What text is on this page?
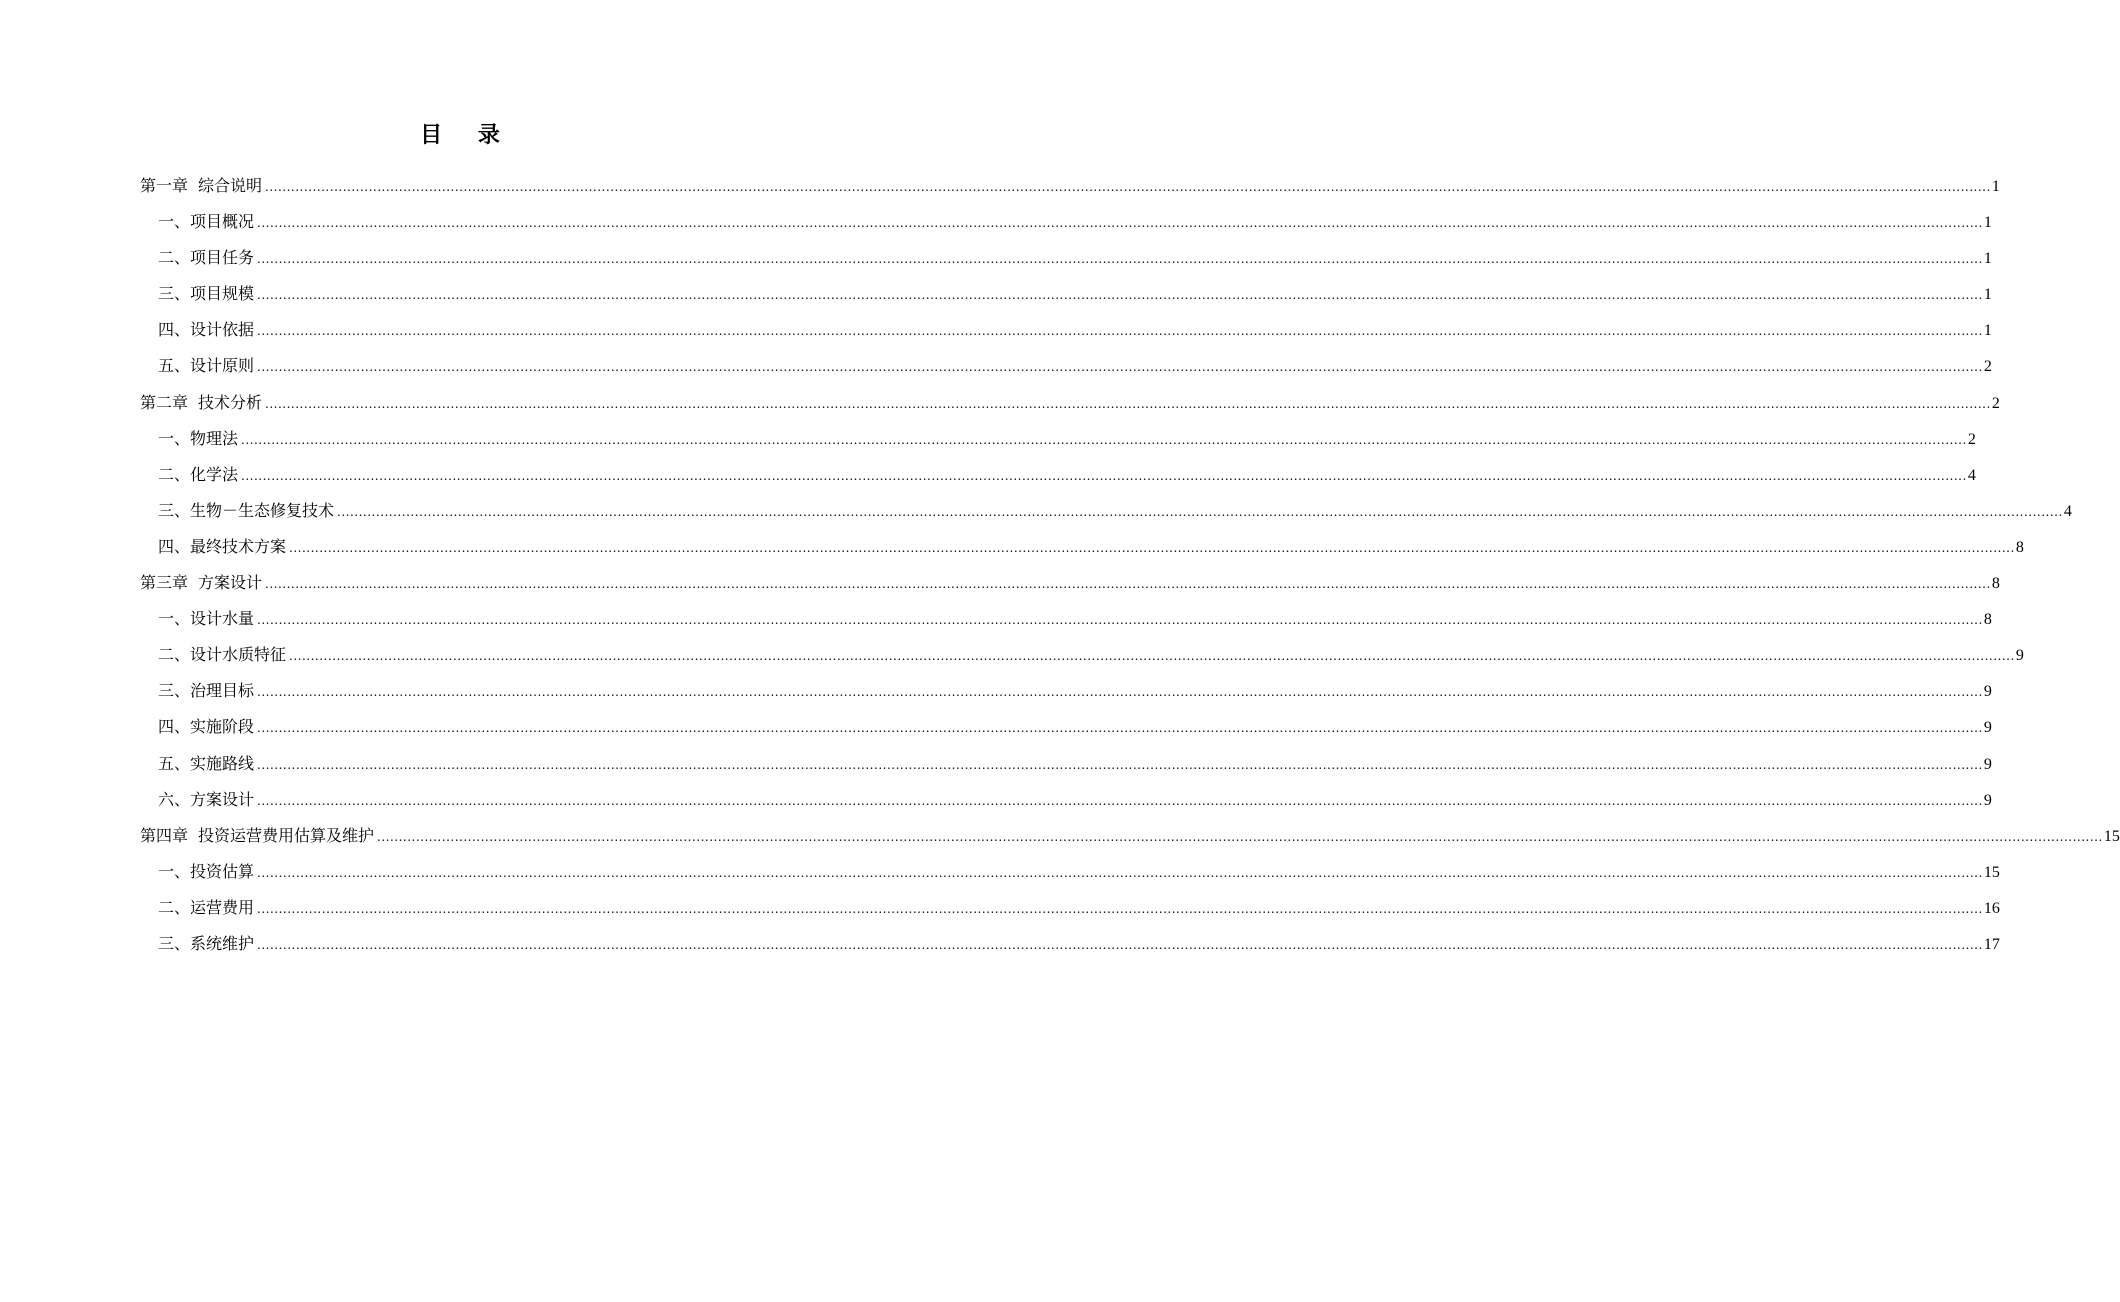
目 录
第一章 综合说明 ................................................................................................................................................................................................................................................................................................................................................................................................................ 1
一、项目概况 ................................................................................................................................................................................................................................................................................................................................................................................................................ 1
二、项目任务 ................................................................................................................................................................................................................................................................................................................................................................................................................ 1
三、项目规模 ................................................................................................................................................................................................................................................................................................................................................................................................................ 1
四、设计依据 ................................................................................................................................................................................................................................................................................................................................................................................................................ 1
五、设计原则 ................................................................................................................................................................................................................................................................................................................................................................................................................ 2
第二章 技术分析 ................................................................................................................................................................................................................................................................................................................................................................................................................ 2
一、物理法 ................................................................................................................................................................................................................................................................................................................................................................................................................ 2
二、化学法 ................................................................................................................................................................................................................................................................................................................................................................................................................ 4
三、生物－生态修复技术 ................................................................................................................................................................................................................................................................................................................................................................................................................ 4
四、最终技术方案 ................................................................................................................................................................................................................................................................................................................................................................................................................ 8
第三章 方案设计 ................................................................................................................................................................................................................................................................................................................................................................................................................ 8
一、设计水量 ................................................................................................................................................................................................................................................................................................................................................................................................................ 8
二、设计水质特征 ................................................................................................................................................................................................................................................................................................................................................................................................................ 9
三、治理目标 ................................................................................................................................................................................................................................................................................................................................................................................................................ 9
四、实施阶段 ................................................................................................................................................................................................................................................................................................................................................................................................................ 9
五、实施路线 ................................................................................................................................................................................................................................................................................................................................................................................................................ 9
六、方案设计 ................................................................................................................................................................................................................................................................................................................................................................................................................ 9
第四章 投资运营费用估算及维护 ................................................................................................................................................................................................................................................................................................................................................................................................................ 15
一、投资估算 ................................................................................................................................................................................................................................................................................................................................................................................................................ 15
二、运营费用 ................................................................................................................................................................................................................................................................................................................................................................................................................ 16
三、系统维护 ................................................................................................................................................................................................................................................................................................................................................................................................................ 17
